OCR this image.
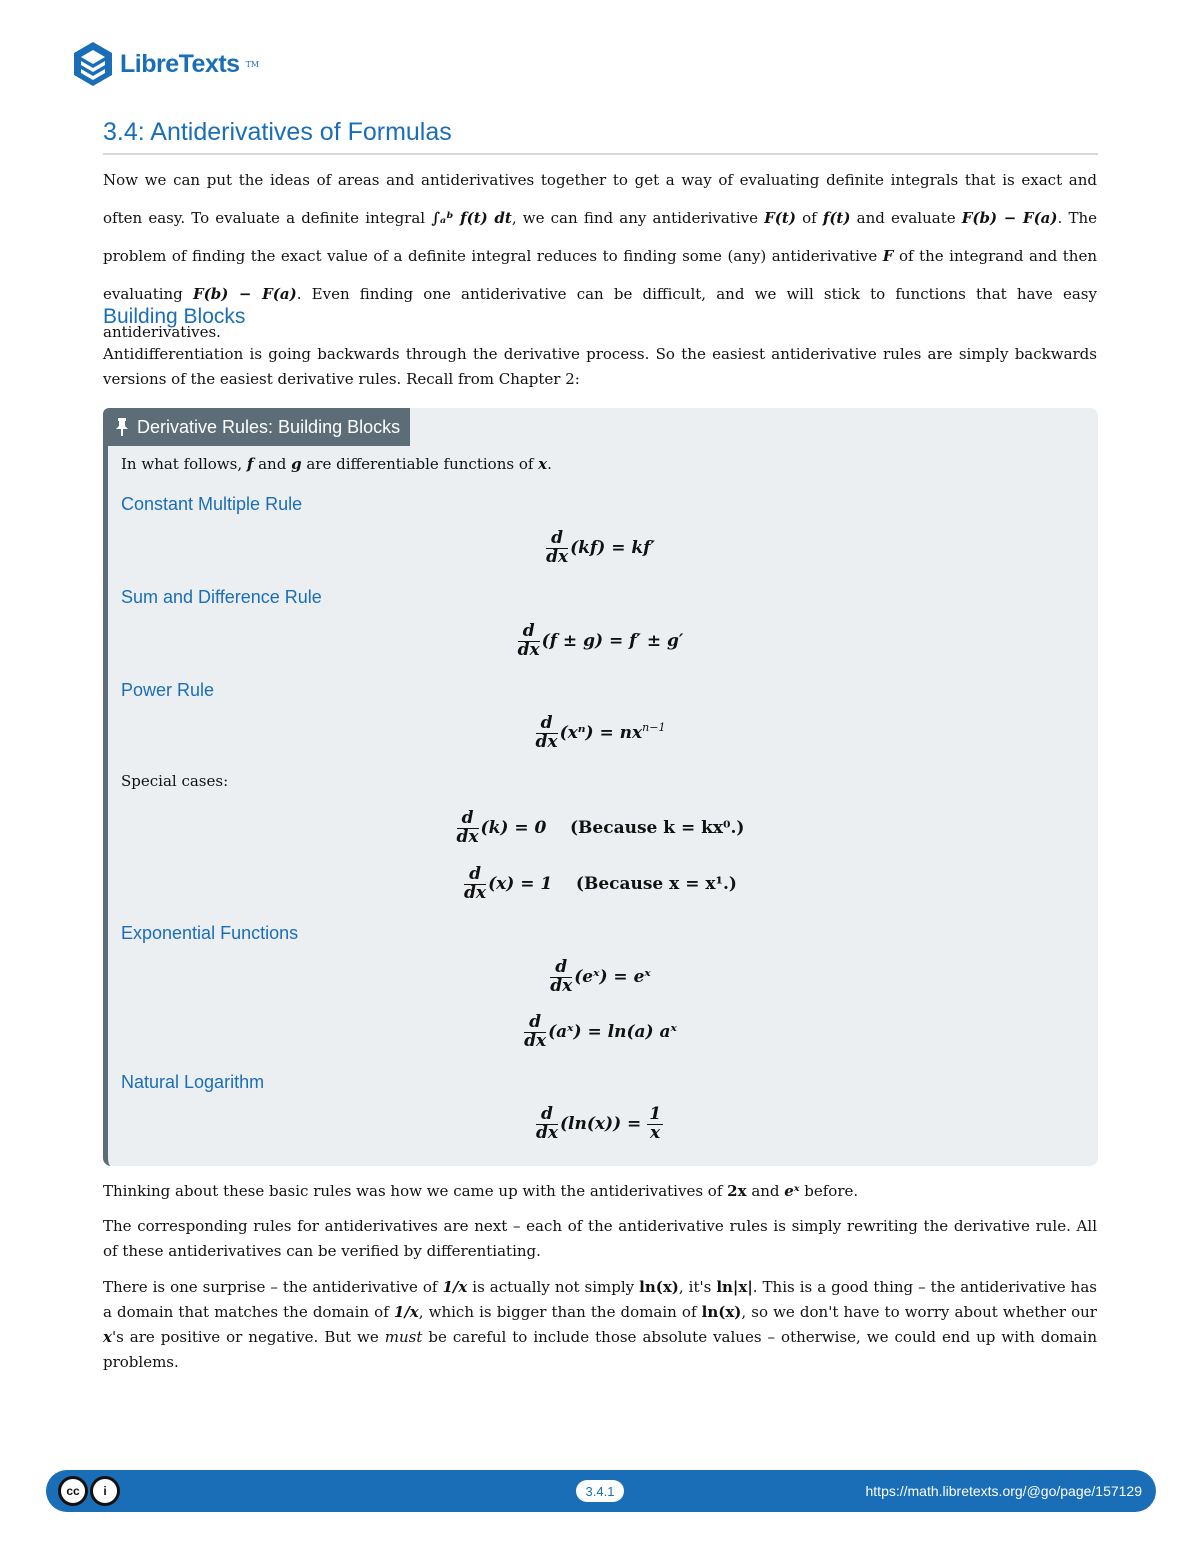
LibreTexts TM
3.4: Antiderivatives of Formulas

Now we can put the ideas of areas and antiderivatives together to get a way of evaluating definite integrals that is exact and often easy. To evaluate a definite integral ∫ₐᵇ f(t) dt, we can find any antiderivative F(t) of f(t) and evaluate F(b) − F(a). The problem of finding the exact value of a definite integral reduces to finding some (any) antiderivative F of the integrand and then evaluating F(b) − F(a). Even finding one antiderivative can be difficult, and we will stick to functions that have easy antiderivatives.

Building Blocks

Antidifferentiation is going backwards through the derivative process. So the easiest antiderivative rules are simply backwards versions of the easiest derivative rules. Recall from Chapter 2:

Derivative Rules: Building Blocks
In what follows, f and g are differentiable functions of x.
Constant Multiple Rule
$\frac{d}{dx} (kf) = kf'$
Sum and Difference Rule
$\frac{d}{dx} (f \pm g) = f' \pm g'$
Power Rule
$\frac{d}{dx} (x^n) = nx^{n-1}$
Special cases:
$\frac{d}{dx} (k) = 0$ (Because k = kx⁰.)
$\frac{d}{dx} (x) = 1$ (Because x = x¹.)
Exponential Functions
$\frac{d}{dx}$ (eˣ) = eˣ
$\frac{d}{dx}$ (aˣ) = ln(a) aˣ
Natural Logarithm
$\frac{d}{dx} (\ln(x)) = \frac{1}{x}$

Thinking about these basic rules was how we came up with the antiderivatives of 2x and eˣ before.

The corresponding rules for antiderivatives are next – each of the antiderivative rules is simply rewriting the derivative rule. All of these antiderivatives can be verified by differentiating.

There is one surprise – the antiderivative of 1/x is actually not simply ln(x), it's ln|x|. This is a good thing – the antiderivative has a domain that matches the domain of 1/x, which is bigger than the domain of ln(x), so we don't have to worry about whether our x's are positive or negative. But we must be careful to include those absolute values – otherwise, we could end up with domain problems.

cc	i	3.4.1	https://math.libretexts.org/@go/page/157129
